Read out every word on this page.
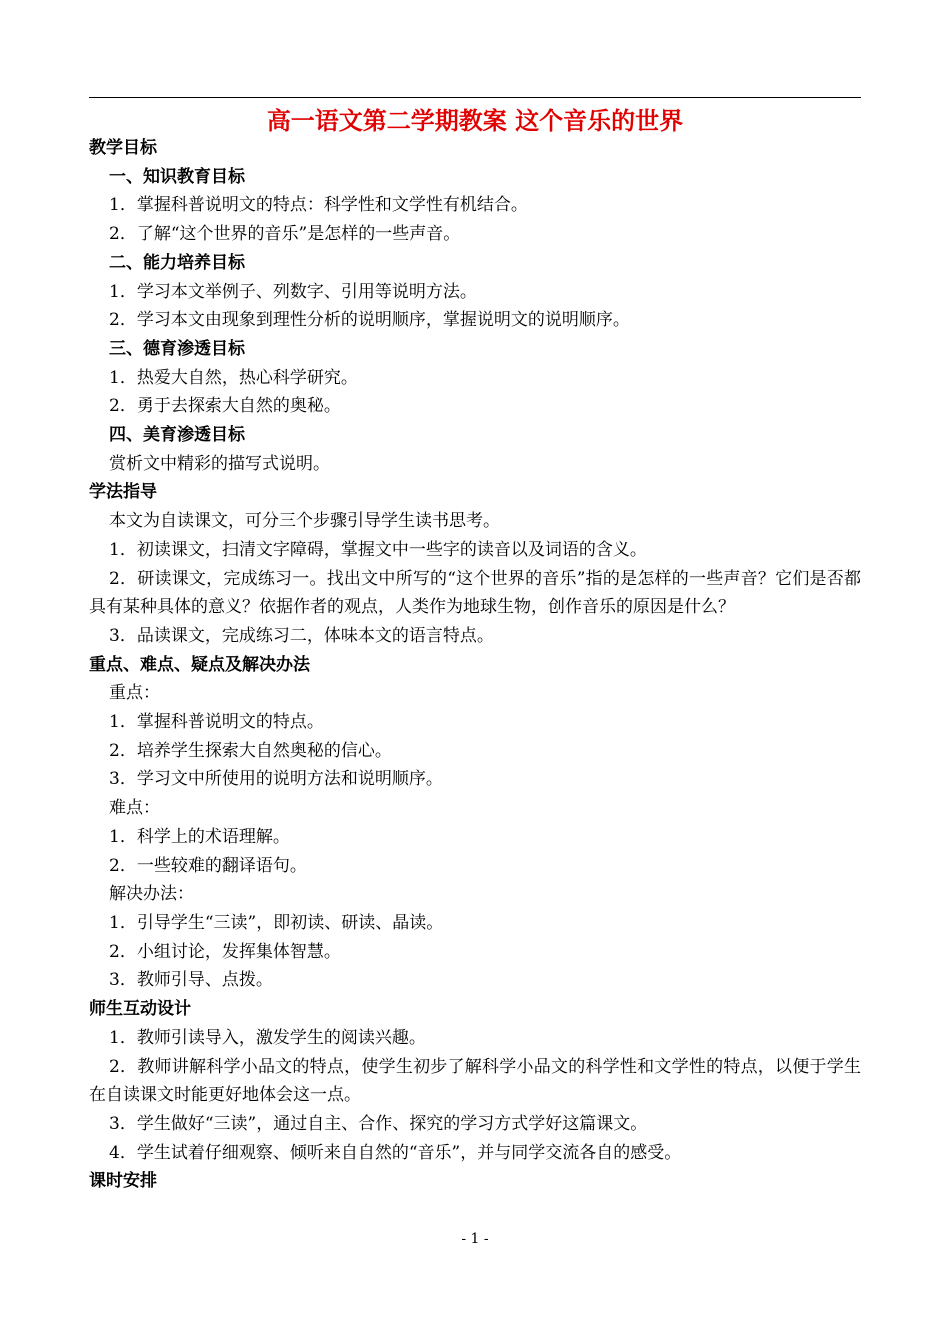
高一语文第二学期教案 这个音乐的世界
教学目标
一、知识教育目标
1．掌握科普说明文的特点：科学性和文学性有机结合。
2．了解“这个世界的音乐”是怎样的一些声音。
二、能力培养目标
1．学习本文举例子、列数字、引用等说明方法。
2．学习本文由现象到理性分析的说明顺序，掌握说明文的说明顺序。
三、德育渗透目标
1．热爱大自然，热心科学研究。
2．勇于去探索大自然的奥秘。
四、美育渗透目标
赏析文中精彩的描写式说明。
学法指导
本文为自读课文，可分三个步骤引导学生读书思考。
1．初读课文，扫清文字障碍，掌握文中一些字的读音以及词语的含义。
2．研读课文，完成练习一。找出文中所写的“这个世界的音乐”指的是怎样的一些声音？它们是否都具有某种具体的意义？依据作者的观点，人类作为地球生物，创作音乐的原因是什么？
3．品读课文，完成练习二，体味本文的语言特点。
重点、难点、疑点及解决办法
重点：
1．掌握科普说明文的特点。
2．培养学生探索大自然奥秘的信心。
3．学习文中所使用的说明方法和说明顺序。
难点：
1．科学上的术语理解。
2．一些较难的翻译语句。
解决办法：
1．引导学生“三读”，即初读、研读、晶读。
2．小组讨论，发挥集体智慧。
3．教师引导、点拨。
师生互动设计
1．教师引读导入，激发学生的阅读兴趣。
2．教师讲解科学小品文的特点，使学生初步了解科学小品文的科学性和文学性的特点，以便于学生在自读课文时能更好地体会这一点。
3．学生做好“三读”，通过自主、合作、探究的学习方式学好这篇课文。
4．学生试着仔细观察、倾听来自自然的“音乐”，并与同学交流各自的感受。
课时安排
- 1 -
